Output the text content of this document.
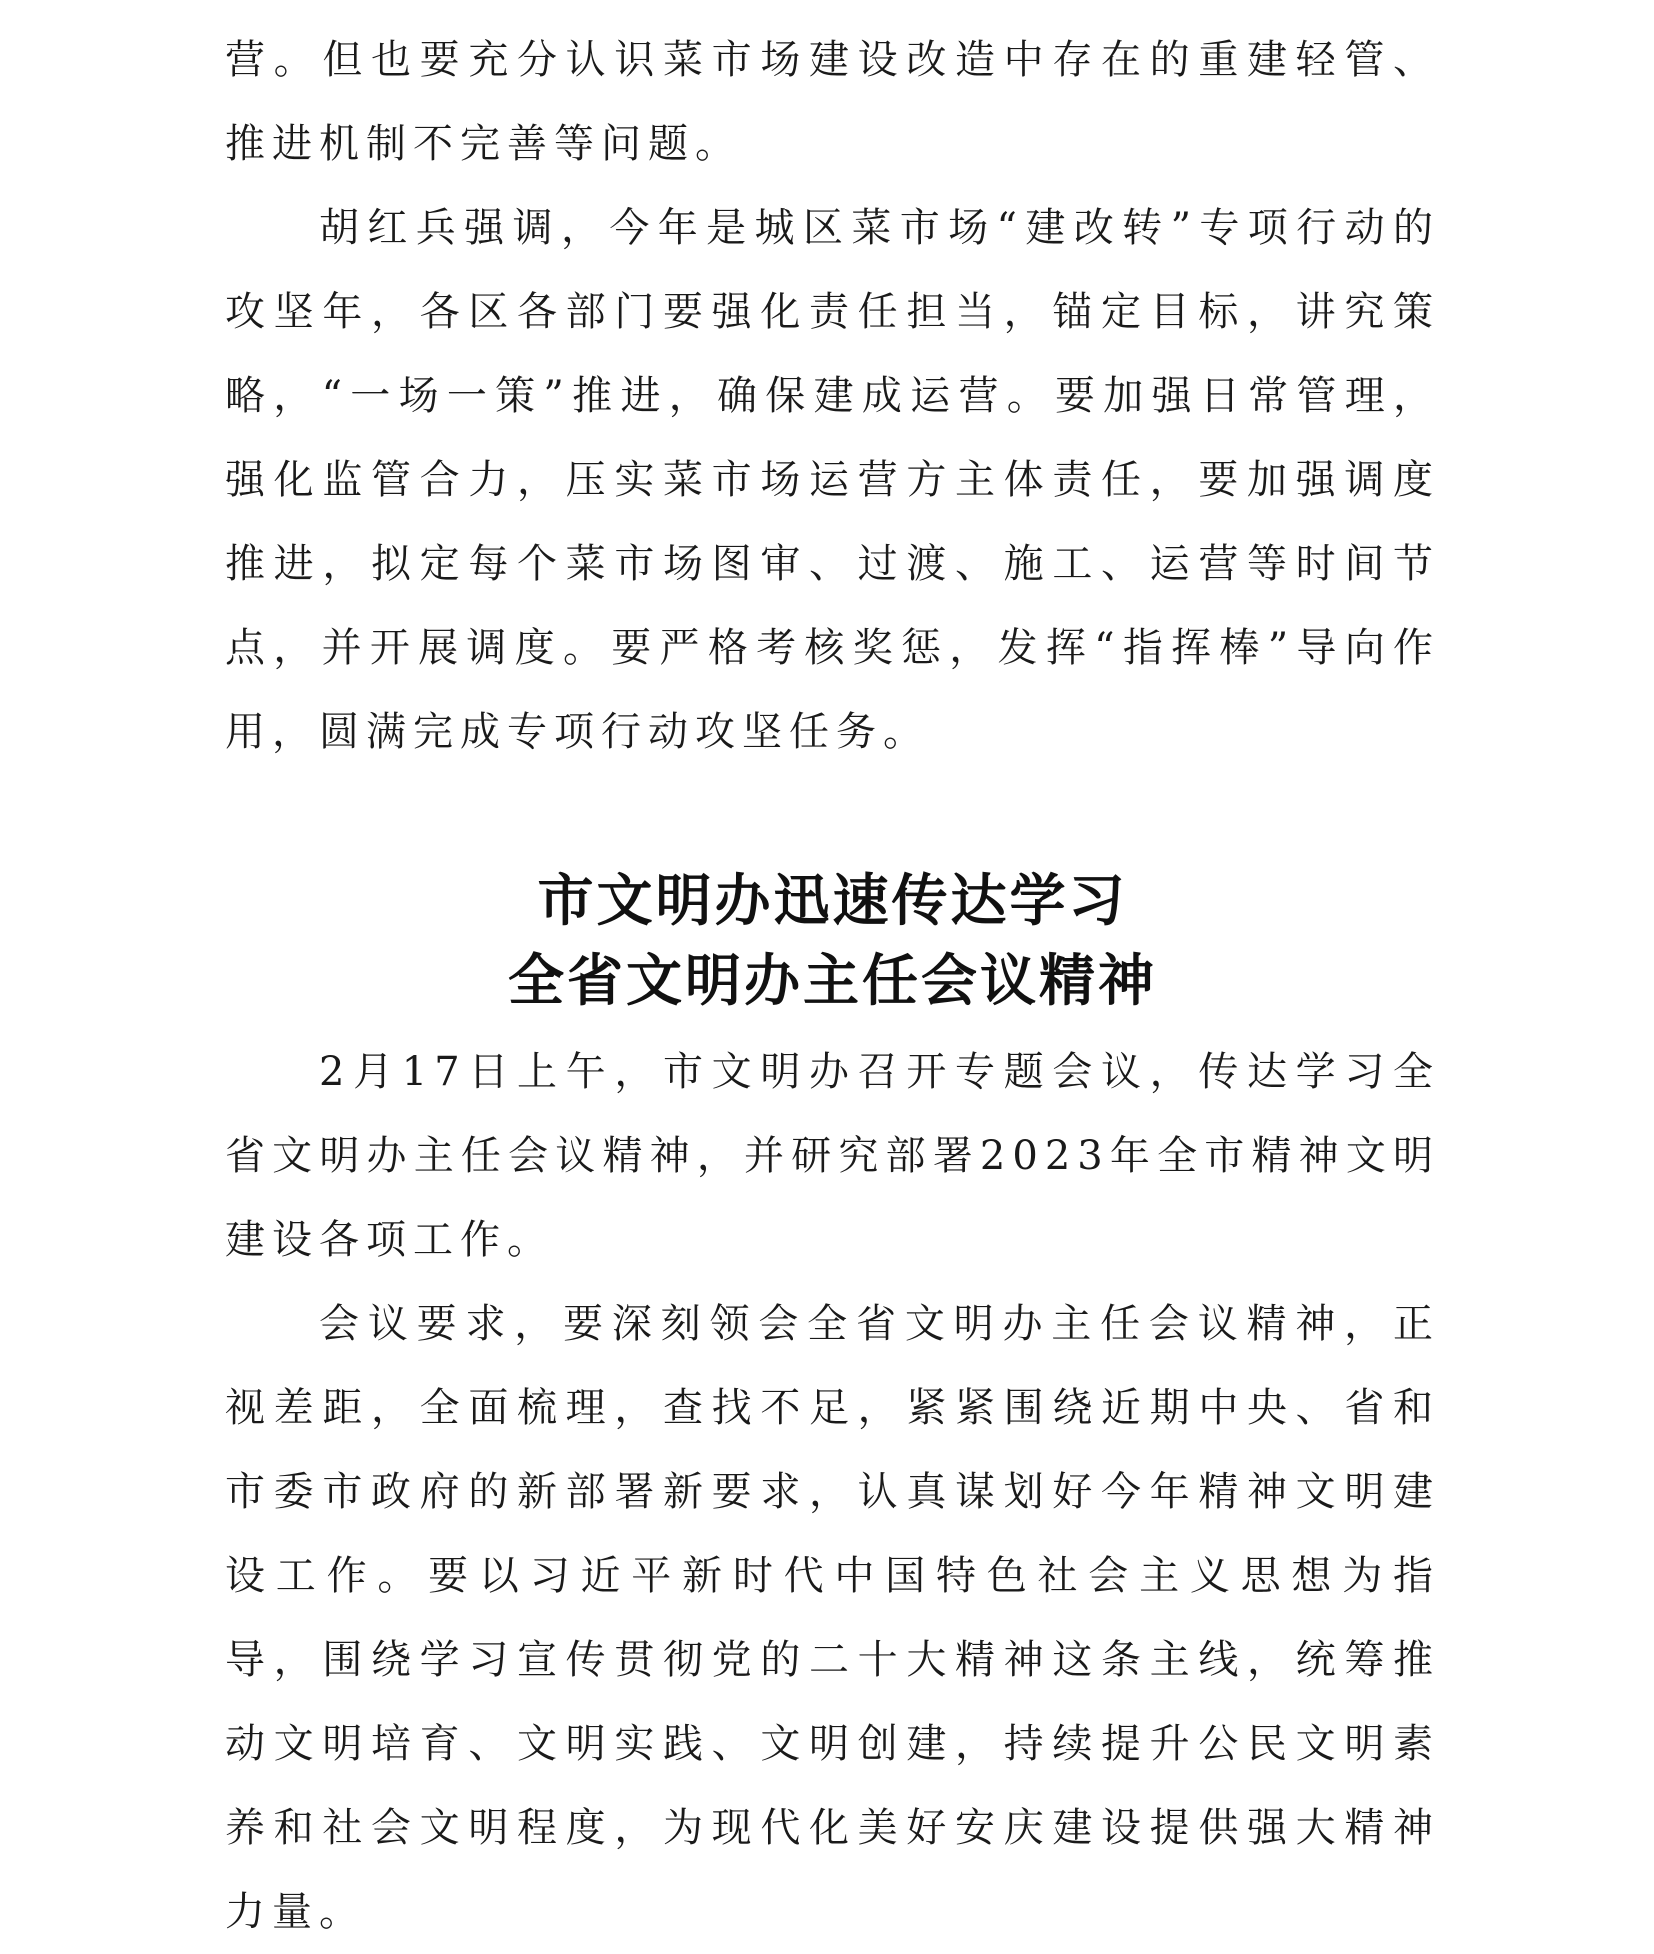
营。但也要充分认识菜市场建设改造中存在的重建轻管、推进机制不完善等问题。

胡红兵强调，今年是城区菜市场“建改转”专项行动的攻坚年，各区各部门要强化责任担当，锚定目标，讲究策略，“一场一策”推进，确保建成运营。要加强日常管理，强化监管合力，压实菜市场运营方主体责任，要加强调度推进，拟定每个菜市场图审、过渡、施工、运营等时间节点，并开展调度。要严格考核奖惩，发挥“指挥棒”导向作用，圆满完成专项行动攻坚任务。

市文明办迅速传达学习
全省文明办主任会议精神

2月17日上午，市文明办召开专题会议，传达学习全省文明办主任会议精神，并研究部署2023年全市精神文明建设各项工作。

会议要求，要深刻领会全省文明办主任会议精神，正视差距，全面梳理，查找不足，紧紧围绕近期中央、省和市委市政府的新部署新要求，认真谋划好今年精神文明建设工作。要以习近平新时代中国特色社会主义思想为指导，围绕学习宣传贯彻党的二十大精神这条主线，统筹推动文明培育、文明实践、文明创建，持续提升公民文明素养和社会文明程度，为现代化美好安庆建设提供强大精神力量。
